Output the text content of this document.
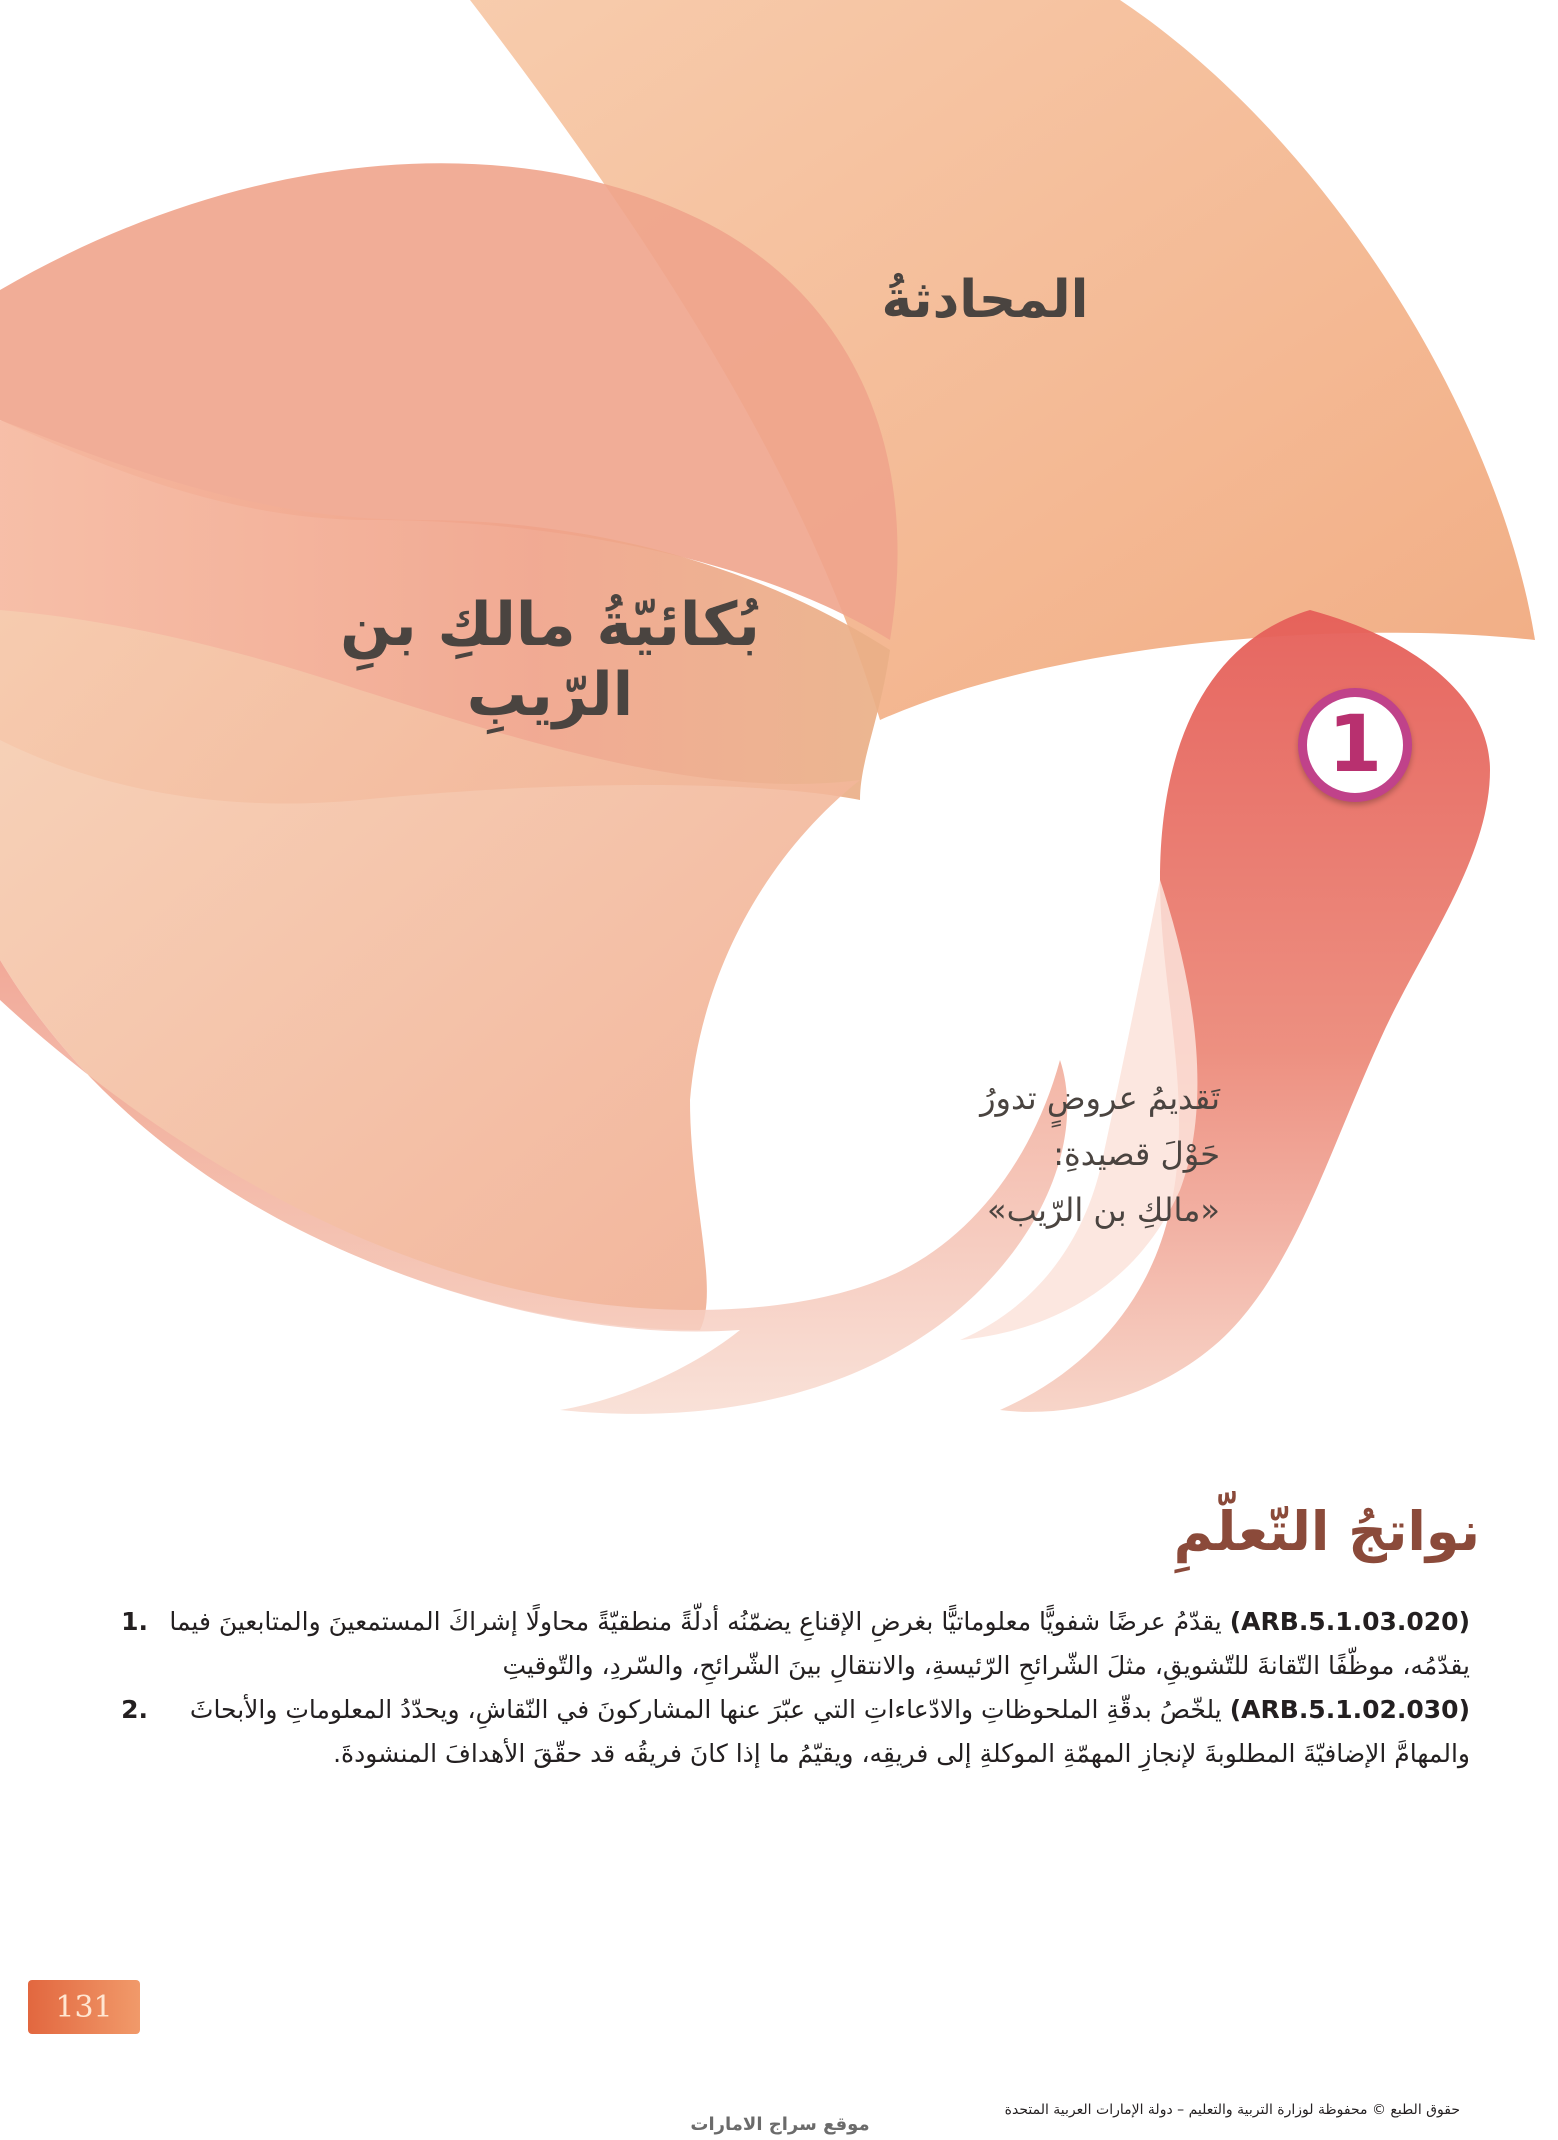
المحادثةُ
بُكائيّةُ مالكِ بنِ الرّيبِ
1
تَقديمُ عروضٍ تدورُ
حَوْلَ قصيدةِ:
«مالكِ بن الرّيب»
نواتجُ التّعلّمِ
(ARB.5.1.03.020) يقدّمُ عرضًا شفويًّا معلوماتيًّا بغرضِ الإقناعِ يضمّنُه أدلّةً منطقيّةً محاولًا إشراكَ المستمعينَ والمتابعينَ فيما يقدّمُه، موظّفًا التّقانةَ للتّشويقِ، مثلَ الشّرائحِ الرّئيسةِ، والانتقالِ بينَ الشّرائحِ، والسّردِ، والتّوقيتِ
.1
(ARB.5.1.02.030) يلخّصُ بدقّةِ الملحوظاتِ والادّعاءاتِ التي عبّرَ عنها المشاركونَ في النّقاشِ، ويحدّدُ المعلوماتِ والأبحاثَ والمهامَّ الإضافيّةَ المطلوبةَ لإنجازِ المهمّةِ الموكلةِ إلى فريقِه، ويقيّمُ ما إذا كانَ فريقُه قد حقّقَ الأهدافَ المنشودةَ.
.2
131
حقوق الطبع © محفوظة لوزارة التربية والتعليم – دولة الإمارات العربية المتحدة
موقع سراج الامارات
